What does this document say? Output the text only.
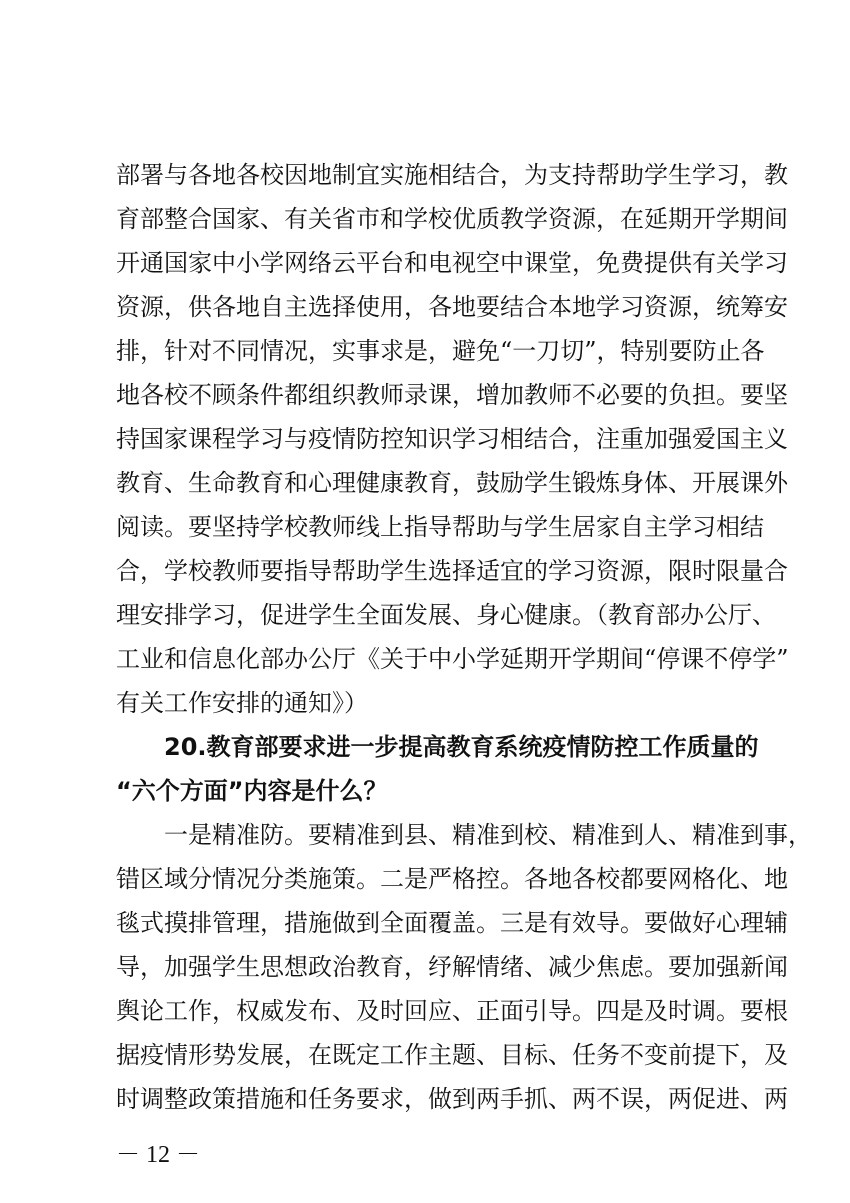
部署与各地各校因地制宜实施相结合，为支持帮助学生学习，教
育部整合国家、有关省市和学校优质教学资源，在延期开学期间
开通国家中小学网络云平台和电视空中课堂，免费提供有关学习
资源，供各地自主选择使用，各地要结合本地学习资源，统筹安
排，针对不同情况，实事求是，避免“一刀切”，特别要防止各
地各校不顾条件都组织教师录课，增加教师不必要的负担。要坚
持国家课程学习与疫情防控知识学习相结合，注重加强爱国主义
教育、生命教育和心理健康教育，鼓励学生锻炼身体、开展课外
阅读。要坚持学校教师线上指导帮助与学生居家自主学习相结
合，学校教师要指导帮助学生选择适宜的学习资源，限时限量合
理安排学习，促进学生全面发展、身心健康。（教育部办公厅、
工业和信息化部办公厅《关于中小学延期开学期间“停课不停学”
有关工作安排的通知》）
20.教育部要求进一步提高教育系统疫情防控工作质量的
“六个方面”内容是什么？
一是精准防。要精准到县、精准到校、精准到人、精准到事，
错区域分情况分类施策。二是严格控。各地各校都要网格化、地
毯式摸排管理，措施做到全面覆盖。三是有效导。要做好心理辅
导，加强学生思想政治教育，纾解情绪、减少焦虑。要加强新闻
舆论工作，权威发布、及时回应、正面引导。四是及时调。要根
据疫情形势发展，在既定工作主题、目标、任务不变前提下，及
时调整政策措施和任务要求，做到两手抓、两不误，两促进、两
－ 12 －
